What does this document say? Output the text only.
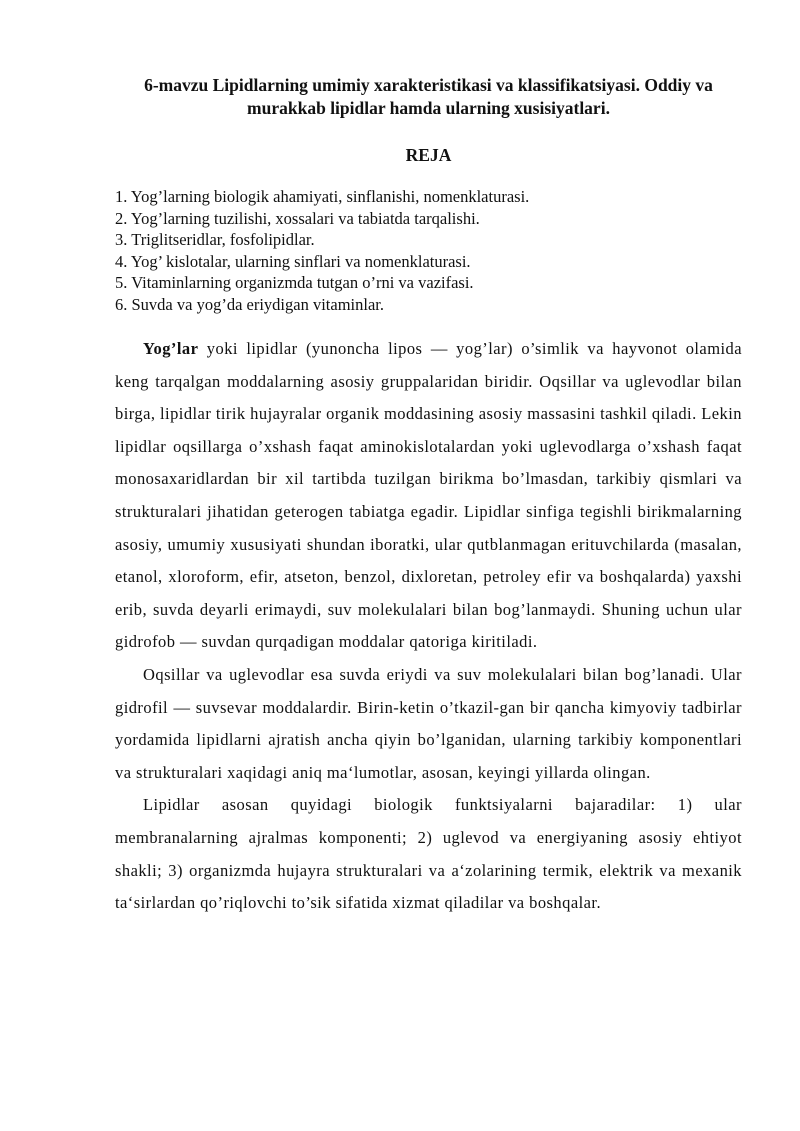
6-mavzu Lipidlarning umimiy xarakteristikasi va klassifikatsiyasi. Oddiy va murakkab lipidlar hamda ularning xusisiyatlari.
REJA
1. Yog’larning biologik ahamiyati, sinflanishi, nomenklaturasi.
2. Yog’larning tuzilishi, xossalari va tabiatda tarqalishi.
3. Triglitseridlar, fosfolipidlar.
4. Yog’ kislotalar, ularning sinflari va nomenklaturasi.
5. Vitaminlarning organizmda tutgan o’rni va vazifasi.
6. Suvda va yog’da eriydigan vitaminlar.

Yog’lar yoki lipidlar (yunoncha lipos — yog’lar) o’simlik va hayvonot olamida keng tarqalgan moddalarning asosiy gruppalaridan biridir. Oqsillar va uglevodlar bilan birga, lipidlar tirik hujayralar organik moddasining asosiy massasini tashkil qiladi. Lekin lipidlar oqsillarga o’xshash faqat aminokislotalardan yoki uglevodlarga o’xshash faqat monosaxaridlardan bir xil tartibda tuzilgan birikma bo’lmasdan, tarkibiy qismlari va strukturalari jihatidan geterogen tabiatga egadir. Lipidlar sinfiga tegishli birikmalarning asosiy, umumiy xususiyati shundan iboratki, ular qutblanmagan erituvchilarda (masalan, etanol, xloroform, efir, atseton, benzol, dixloretan, petroley efir va boshqalarda) yaxshi erib, suvda deyarli erimaydi, suv molekulalari bilan bog’lanmaydi. Shuning uchun ular gidrofob — suvdan qurqadigan moddalar qatoriga kiritiladi.

Oqsillar va uglevodlar esa suvda eriydi va suv molekulalari bilan bog’lanadi. Ular gidrofil — suvsevar moddalardir. Birin-ketin o’tkazil-gan bir qancha kimyoviy tadbirlar yordamida lipidlarni ajratish ancha qiyin bo’lganidan, ularning tarkibiy komponentlari va strukturalari xaqidagi aniq ma‘lumotlar, asosan, keyingi yillarda olingan.

Lipidlar asosan quyidagi biologik funktsiyalarni bajaradilar: 1) ular membranalarning ajralmas komponenti; 2) uglevod va energiyaning asosiy ehtiyot shakli; 3) organizmda hujayra strukturalari va a‘zolarining termik, elektrik va mexanik ta‘sirlardan qo’riqlovchi to’sik sifatida xizmat qiladilar va boshqalar.
